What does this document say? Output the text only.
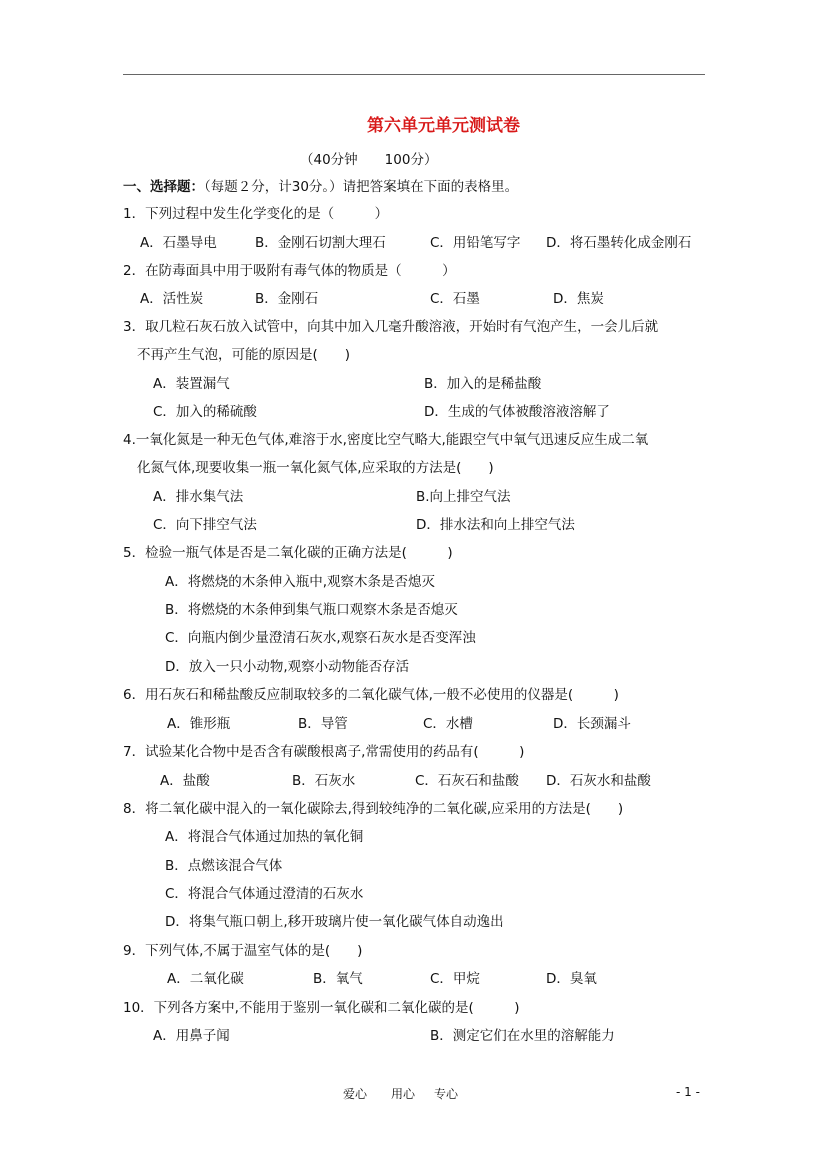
第六单元单元测试卷
（40分钟　　100分）
一、选择题：（每题２分，计30分。）请把答案填在下面的表格里。
1．下列过程中发生化学变化的是（　　　）
A．石墨导电	B．金刚石切割大理石	C．用铅笔写字 D．将石墨转化成金刚石
2．在防毒面具中用于吸附有毒气体的物质是（　　　）
A．活性炭	B．金刚石	C．石墨	D．焦炭
3．取几粒石灰石放入试管中，向其中加入几毫升酸溶液，开始时有气泡产生，一会儿后就
不再产生气泡，可能的原因是(　　)
A．装置漏气	B．加入的是稀盐酸
C．加入的稀硫酸	D．生成的气体被酸溶液溶解了
4.一氧化氮是一种无色气体,难溶于水,密度比空气略大,能跟空气中氧气迅速反应生成二氧
化氮气体,现要收集一瓶一氧化氮气体,应采取的方法是(　　)
A．排水集气法	B.向上排空气法
C．向下排空气法	D．排水法和向上排空气法
5．检验一瓶气体是否是二氧化碳的正确方法是(　　　)
A．将燃烧的木条伸入瓶中,观察木条是否熄灭
B．将燃烧的木条伸到集气瓶口观察木条是否熄灭
C．向瓶内倒少量澄清石灰水,观察石灰水是否变浑浊
D．放入一只小动物,观察小动物能否存活
6．用石灰石和稀盐酸反应制取较多的二氧化碳气体,一般不必使用的仪器是(　　　)
A．锥形瓶	B．导管	C．水槽	D．长颈漏斗
7．试验某化合物中是否含有碳酸根离子,常需使用的药品有(　　　)
A．盐酸	B．石灰水	C．石灰石和盐酸 D．石灰水和盐酸
8．将二氧化碳中混入的一氧化碳除去,得到较纯净的二氧化碳,应采用的方法是(　　)
A．将混合气体通过加热的氧化铜
B．点燃该混合气体
C．将混合气体通过澄清的石灰水
D．将集气瓶口朝上,移开玻璃片使一氧化碳气体自动逸出
9．下列气体,不属于温室气体的是(　　)
A．二氧化碳	B．氧气	C．甲烷	D．臭氧
10．下列各方案中,不能用于鉴别一氧化碳和二氧化碳的是(　　　)
A．用鼻子闻	B．测定它们在水里的溶解能力
爱心 用心 专心	- 1 -
